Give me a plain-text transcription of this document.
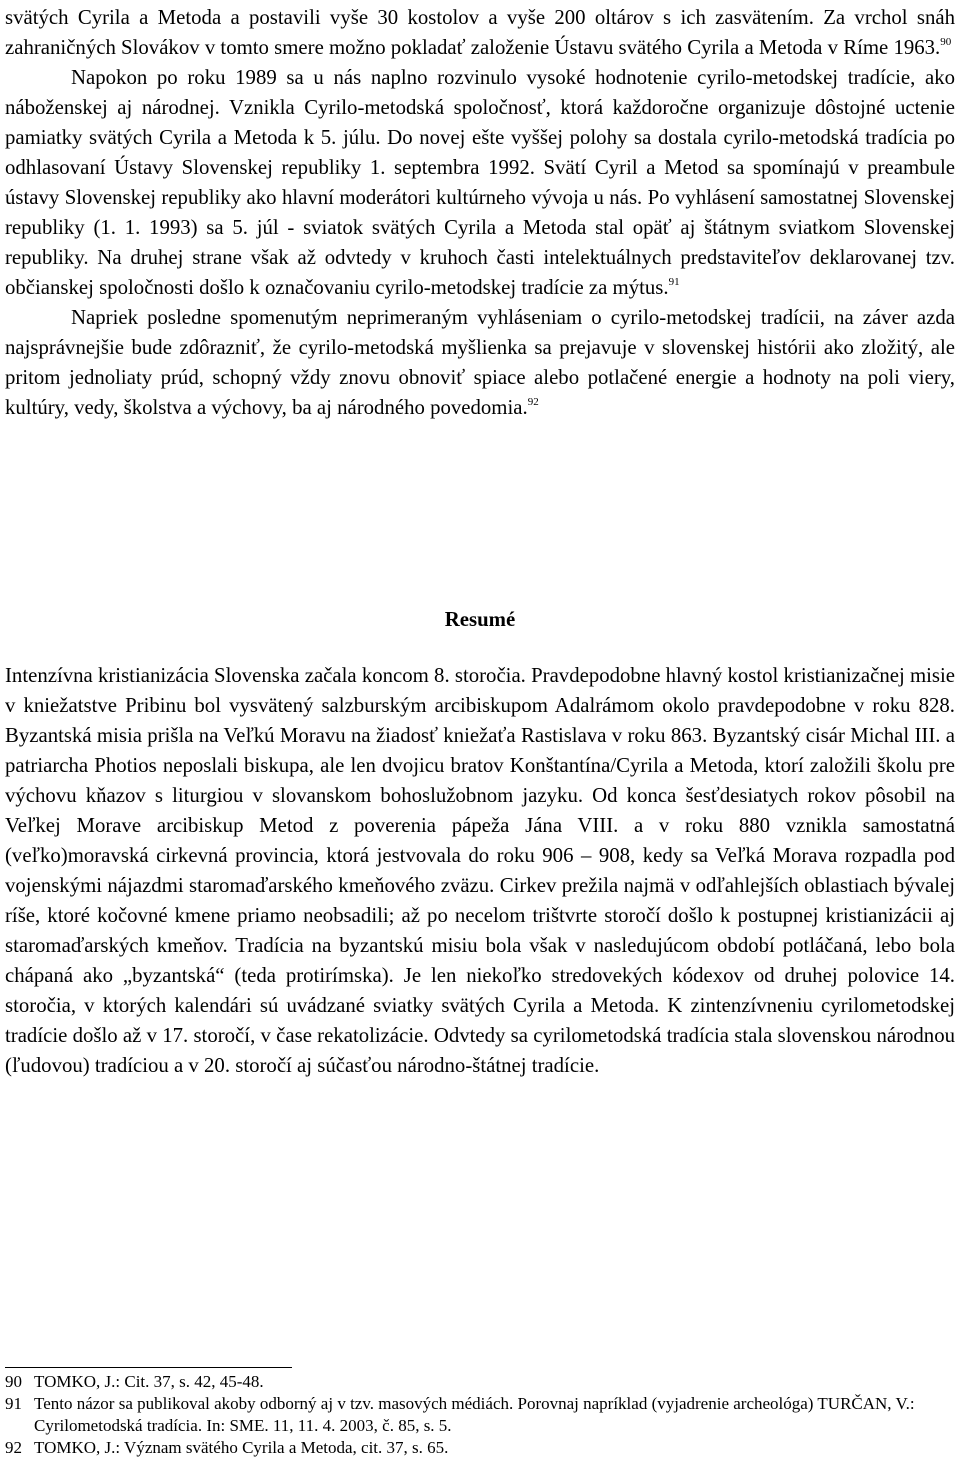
svätých Cyrila a Metoda a postavili vyše 30 kostolov a vyše 200 oltárov s ich zasvätením. Za vrchol snáh zahraničných Slovákov v tomto smere možno pokladať založenie Ústavu svätého Cyrila a Metoda v Ríme 1963.90

Napokon po roku 1989 sa u nás naplno rozvinulo vysoké hodnotenie cyrilo-metodskej tradície, ako náboženskej aj národnej. Vznikla Cyrilo-metodská spoločnosť, ktorá každoročne organizuje dôstojné uctenie pamiatky svätých Cyrila a Metoda k 5. júlu. Do novej ešte vyššej polohy sa dostala cyrilo-metodská tradícia po odhlasovaní Ústavy Slovenskej republiky 1. septembra 1992. Svätí Cyril a Metod sa spomínajú v preambule ústavy Slovenskej republiky ako hlavní moderátori kultúrneho vývoja u nás. Po vyhlásení samostatnej Slovenskej republiky (1. 1. 1993) sa 5. júl - sviatok svätých Cyrila a Metoda stal opäť aj štátnym sviatkom Slovenskej republiky. Na druhej strane však až odvtedy v kruhoch časti intelektuálnych predstaviteľov deklarovanej tzv. občianskej spoločnosti došlo k označovaniu cyrilo-metodskej tradície za mýtus.$^{91}$

Napriek posledne spomenutým neprimeraným vyhláseniam o cyrilo-metodskej tradícii, na záver azda najsprávnejšie bude zdôrazniť, že cyrilo-metodská myšlienka sa prejavuje v slovenskej histórii ako zložitý, ale pritom jednoliaty prúd, schopný vždy znovu obnoviť spiace alebo potlačené energie a hodnoty na poli viery, kultúry, vedy, školstva a výchovy, ba aj národného povedomia.$^{92}$

Resumé

Intenzívna kristianizácia Slovenska začala koncom 8. storočia. Pravdepodobne hlavný kostol kristianizačnej misie v kniežatstve Pribinu bol vysvätený salzburským arcibiskupom Adalrámom okolo pravdepodobne v roku 828. Byzantská misia prišla na Veľkú Moravu na žiadosť kniežaťa Rastislava v roku 863. Byzantský cisár Michal III. a patriarcha Photios neposlali biskupa, ale len dvojicu bratov Konštantína/Cyrila a Metoda, ktorí založili školu pre výchovu kňazov s liturgiou v slovanskom bohoslužobnom jazyku. Od konca šesťdesiatych rokov pôsobil na Veľkej Morave arcibiskup Metod z poverenia pápeža Jána VIII. a v roku 880 vznikla samostatná (veľko)moravská cirkevná provincia, ktorá jestvovala do roku 906 – 908, kedy sa Veľká Morava rozpadla pod vojenskými nájazdmi staromaďarského kmeňového zväzu. Cirkev prežila najmä v odľahlejších oblastiach bývalej ríše, ktoré kočovné kmene priamo neobsadili; až po necelom trištvrte storočí došlo k postupnej kristianizácii aj staromaďarských kmeňov. Tradícia na byzantskú misiu bola však v nasledujúcom období potláčaná, lebo bola chápaná ako „byzantská“ (teda protirímska). Je len niekoľko stredovekých kódexov od druhej polovice 14. storočia, v ktorých kalendári sú uvádzané sviatky svätých Cyrila a Metoda. K zintenzívneniu cyrilometodskej tradície došlo až v 17. storočí, v čase rekatolizácie. Odvtedy sa cyrilometodská tradícia stala slovenskou národnou (ľudovou) tradíciou a v 20. storočí aj súčasťou národno-štátnej tradície.

90 TOMKO, J.: Cit. 37, s. 42, 45-48.
91 Tento názor sa publikoval akoby odborný aj v tzv. masových médiách. Porovnaj napríklad (vyjadrenie archeológa) TURČAN, V.: Cyrilometodská tradícia. In: SME. 11, 11. 4. 2003, č. 85, s. 5.
92 TOMKO, J.: Význam svätého Cyrila a Metoda, cit. 37, s. 65.
